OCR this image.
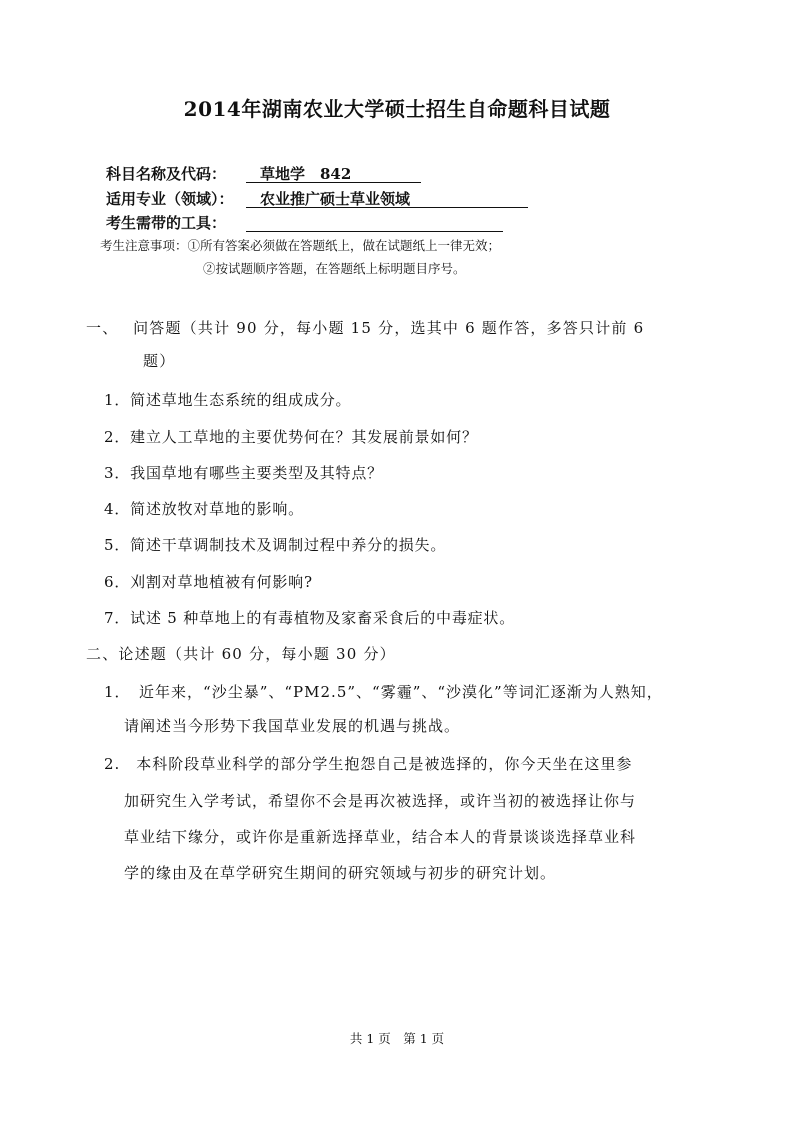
2014年湖南农业大学硕士招生自命题科目试题
科目名称及代码：	草地学　842
适用专业（领域）：	农业推广硕士草业领域
考生需带的工具：
考生注意事项：①所有答案必须做在答题纸上，做在试题纸上一律无效；
②按试题顺序答题，在答题纸上标明题目序号。
一、　 问答题（共计 90 分，每小题 15 分，选其中 6 题作答，多答只计前 6
题）
1．简述草地生态系统的组成成分。
2．建立人工草地的主要优势何在？其发展前景如何？
3．我国草地有哪些主要类型及其特点？
4．简述放牧对草地的影响。
5．简述干草调制技术及调制过程中养分的损失。
6．刈割对草地植被有何影响?
7．试述 5 种草地上的有毒植物及家畜采食后的中毒症状。
二、论述题（共计 60 分，每小题 30 分）
1．　近年来，“沙尘暴”、“PM2.5”、“雾霾”、“沙漠化”等词汇逐渐为人熟知，
请阐述当今形势下我国草业发展的机遇与挑战。
2.　本科阶段草业科学的部分学生抱怨自己是被选择的，你今天坐在这里参
加研究生入学考试，希望你不会是再次被选择，或许当初的被选择让你与
草业结下缘分，或许你是重新选择草业，结合本人的背景谈谈选择草业科
学的缘由及在草学研究生期间的研究领域与初步的研究计划。
共 1 页　第 1 页
